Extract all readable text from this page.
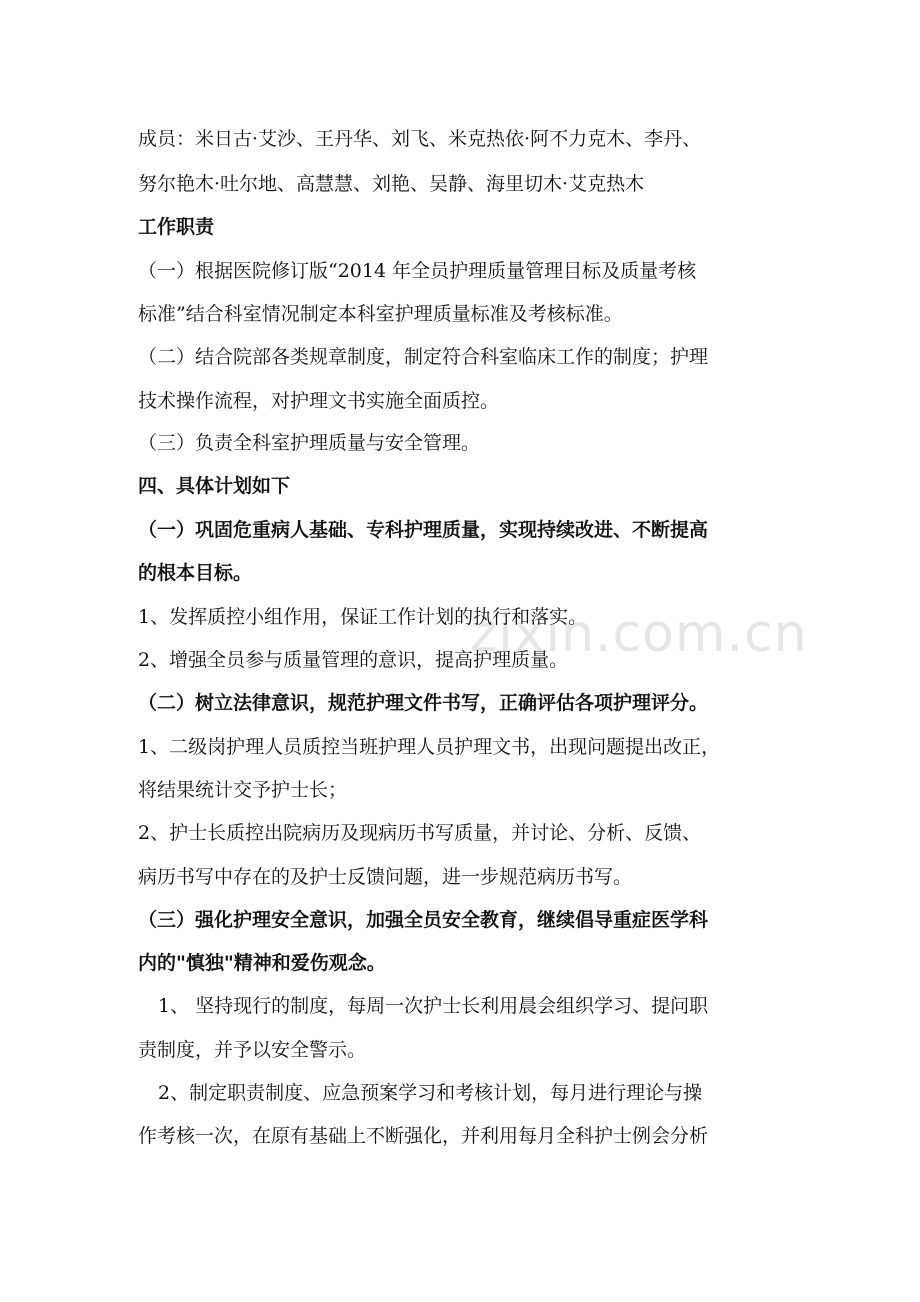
zixin.com.cn
成员：米日古·艾沙、王丹华、刘飞、米克热依·阿不力克木、李丹、
努尔艳木·吐尔地、高慧慧、刘艳、吴静、海里切木·艾克热木
工作职责
（一）根据医院修订版“2014 年全员护理质量管理目标及质量考核
标准”结合科室情况制定本科室护理质量标准及考核标准。
（二）结合院部各类规章制度，制定符合科室临床工作的制度；护理
技术操作流程，对护理文书实施全面质控。
（三）负责全科室护理质量与安全管理。
四、具体计划如下
（一）巩固危重病人基础、专科护理质量，实现持续改进、不断提高
的根本目标。
1、发挥质控小组作用，保证工作计划的执行和落实。
2、增强全员参与质量管理的意识，提高护理质量。
（二）树立法律意识，规范护理文件书写，正确评估各项护理评分。
1、二级岗护理人员质控当班护理人员护理文书，出现问题提出改正，
将结果统计交予护士长；
2、护士长质控出院病历及现病历书写质量，并讨论、分析、反馈、
病历书写中存在的及护士反馈问题，进一步规范病历书写。
（三）强化护理安全意识，加强全员安全教育，继续倡导重症医学科
内的"慎独"精神和爱伤观念。
1、 坚持现行的制度，每周一次护士长利用晨会组织学习、提问职
责制度，并予以安全警示。
2、制定职责制度、应急预案学习和考核计划，每月进行理论与操
作考核一次，在原有基础上不断强化，并利用每月全科护士例会分析
